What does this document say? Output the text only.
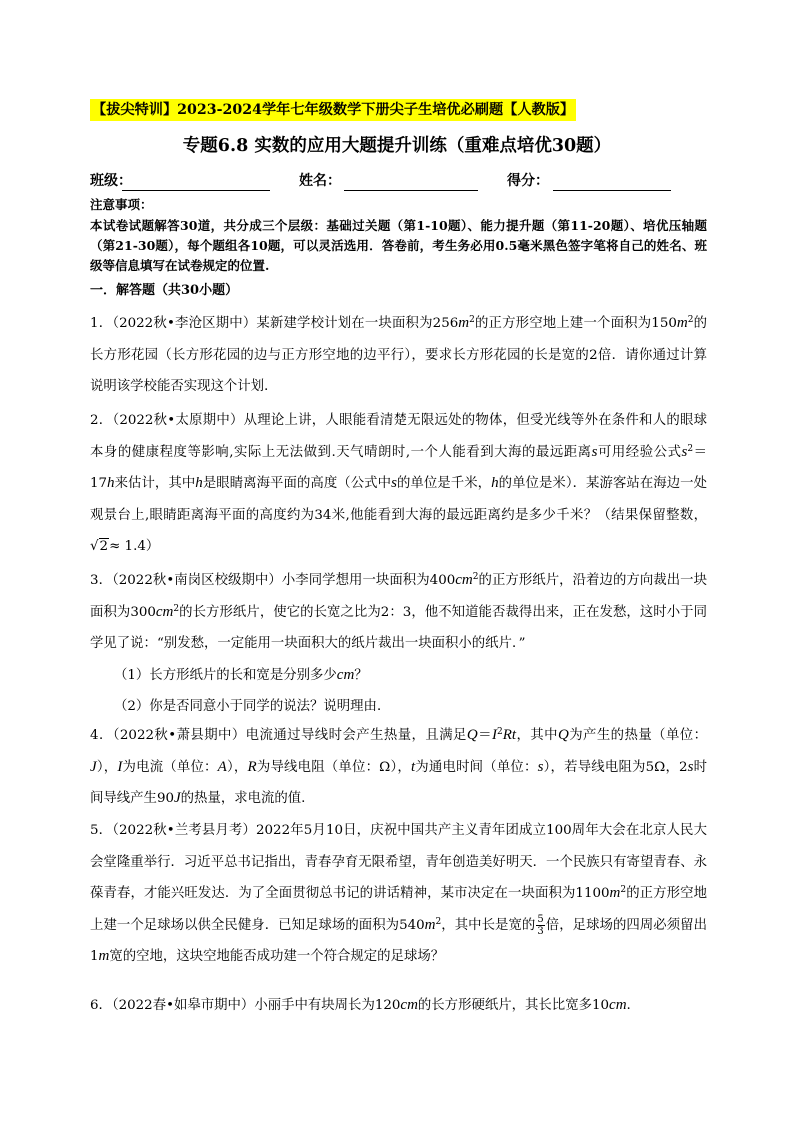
【拔尖特训】2023-2024学年七年级数学下册尖子生培优必刷题【人教版】
专题6.8 实数的应用大题提升训练（重难点培优30题）
班级：	姓名：	得分：
注意事项：
本试卷试题解答30道，共分成三个层级：基础过关题（第1-10题）、能力提升题（第11-20题）、培优压轴题（第21-30题），每个题组各10题，可以灵活选用．答卷前，考生务必用0.5毫米黑色签字笔将自己的姓名、班级等信息填写在试卷规定的位置.
一．解答题（共30小题）
1．（2022秋•李沧区期中）某新建学校计划在一块面积为$256m^2$的正方形空地上建一个面积为$150m^2$的长方形花园（长方形花园的边与正方形空地的边平行），要求长方形花园的长是宽的2倍．请你通过计算说明该学校能否实现这个计划．
2．（2022秋•太原期中）从理论上讲，人眼能看清楚无限远处的物体，但受光线等外在条件和人的眼球本身的健康程度等影响,实际上无法做到.天气晴朗时,一个人能看到大海的最远距离s可用经验公式$s^2=17h$来估计，其中h是眼睛离海平面的高度（公式中s的单位是千米，h的单位是米）．某游客站在海边一处观景台上,眼睛距离海平面的高度约为34米,他能看到大海的最远距离约是多少千米？（结果保留整数，√2≈ 1.4）
3．（2022秋•南岗区校级期中）小李同学想用一块面积为$400cm^2$的正方形纸片，沿着边的方向裁出一块面积为$300cm^2$的长方形纸片，使它的长宽之比为2：3，他不知道能否裁得出来，正在发愁，这时小于同学见了说：“别发愁，一定能用一块面积大的纸片裁出一块面积小的纸片．”
（1）长方形纸片的长和宽是分别多少cm？
（2）你是否同意小于同学的说法？说明理由．
4．（2022秋•萧县期中）电流通过导线时会产生热量，且满足$Q=I^2Rt$，其中Q为产生的热量（单位：J），I为电流（单位：A），R为导线电阻（单位：Ω），t为通电时间（单位：s），若导线电阻为5Ω，2s时间导线产生90J的热量，求电流的值.
5．（2022秋•兰考县月考）2022年5月10日，庆祝中国共产主义青年团成立100周年大会在北京人民大会堂隆重举行．习近平总书记指出，青春孕育无限希望，青年创造美好明天．一个民族只有寄望青春、永葆青春，才能兴旺发达．为了全面贯彻总书记的讲话精神，某市决定在一块面积为$1100m^2$的正方形空地上建一个足球场以供全民健身．已知足球场的面积为$540m^2$，其中长是宽的 $\frac{5}{3}$ 倍，足球场的四周必须留出1m宽的空地，这块空地能否成功建一个符合规定的足球场？
6．（2022春•如皋市期中）小丽手中有块周长为120cm的长方形硬纸片，其长比宽多10cm.
